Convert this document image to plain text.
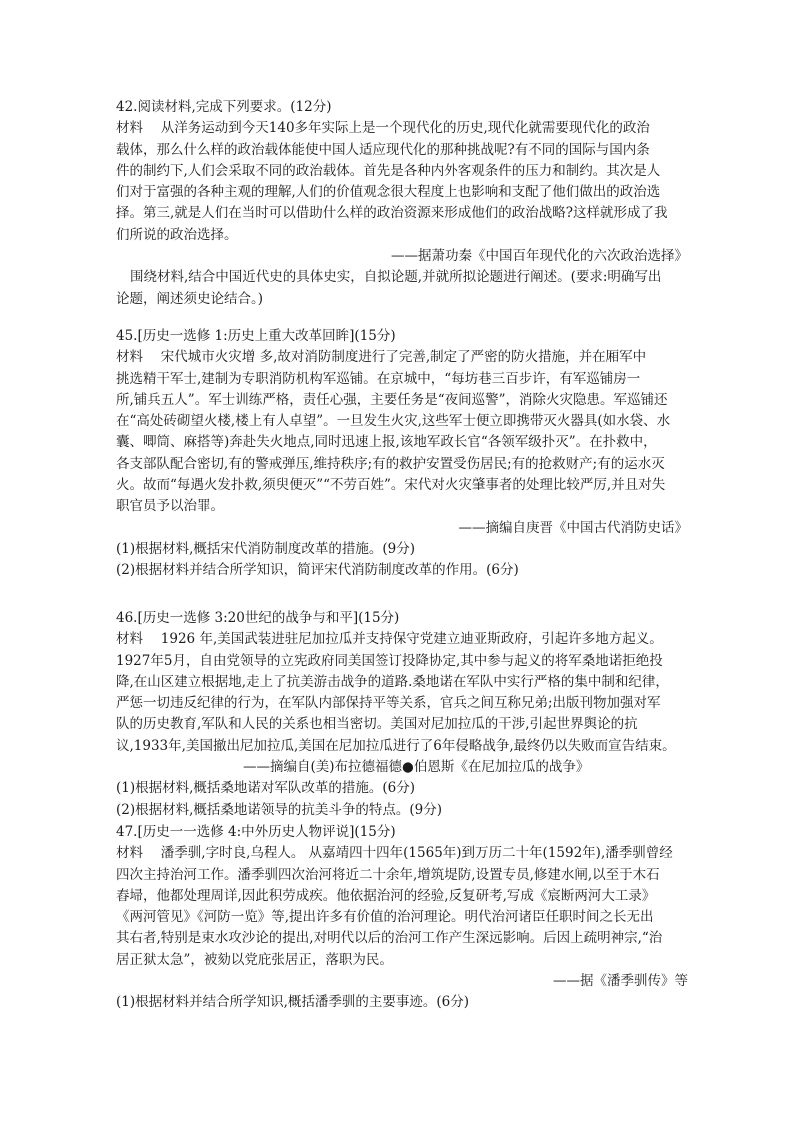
42.阅读材料,完成下列要求。(12分)
材料　 从洋务运动到今天140多年实际上是一个现代化的历史,现代化就需要现代化的政治
载体，那么什么样的政治载体能使中国人适应现代化的那种挑战呢?有不同的国际与国内条
件的制约下,人们会采取不同的政治载体。首先是各种内外客观条件的压力和制约。其次是人
们对于富强的各种主观的理解,人们的价值观念很大程度上也影响和支配了他们做出的政治选
择。第三,就是人们在当时可以借助什么样的政治资源来形成他们的政治战略?这样就形成了我
们所说的政治选择。
——据萧功秦《中国百年现代化的六次政治选择》
围绕材料,结合中国近代史的具体史实，自拟论题,并就所拟论题进行阐述。(要求:明确写出
论题，阐述须史论结合。)
45.[历史一选修 1:历史上重大改革回眸](15分)
材料　 宋代城市火灾增 多,故对消防制度进行了完善,制定了严密的防火措施，并在厢军中
挑选精干军士,建制为专职消防机构军巡铺。在京城中，“每坊巷三百步许，有军巡铺房一
所,铺兵五人”。军士训练严格，责任心强，主要任务是“夜间巡警”，消除火灾隐患。军巡铺还
在“高处砖砌望火楼,楼上有人卓望”。一旦发生火灾,这些军士便立即携带灭火器具(如水袋、水
囊、唧筒、麻搭等)奔赴失火地点,同时迅速上报,该地军政长官“各领军级扑灭”。在扑救中，
各支部队配合密切,有的警戒弹压,维持秩序;有的救护安置受伤居民;有的抢救财产;有的运水灭
火。故而“每遇火发扑救,须臾便灭”“不劳百姓”。宋代对火灾肇事者的处理比较严厉,并且对失
职官员予以治罪。
——摘编自庚晋《中国古代消防史话》
(1)根据材料,概括宋代消防制度改革的措施。(9分)
(2)根据材料并结合所学知识，简评宋代消防制度改革的作用。(6分)
46.[历史一选修 3:20世纪的战争与和平](15分)
材料　 1926 年,美国武装进驻尼加拉瓜并支持保守党建立迪亚斯政府，引起许多地方起义。
1927年5月，自由党领导的立宪政府同美国签订投降协定,其中参与起义的将军桑地诺拒绝投
降,在山区建立根据地,走上了抗美游击战争的道路.桑地诺在军队中实行严格的集中制和纪律，
严惩一切违反纪律的行为，在军队内部保持平等关系，官兵之间互称兄弟;出版刊物加强对军
队的历史教育,军队和人民的关系也相当密切。美国对尼加拉瓜的干涉,引起世界舆论的抗
议,1933年,美国撤出尼加拉瓜,美国在尼加拉瓜进行了6年侵略战争,最终仍以失败而宣告结束。
——摘编自(美)布拉德福德●伯恩斯《在尼加拉瓜的战争》
(1)根据材料,概括桑地诺对军队改革的措施。(6分)
(2)根据材料,概括桑地诺领导的抗美斗争的特点。(9分)
47.[历史一一选修 4:中外历史人物评说](15分)
材料　 潘季驯,字时良,乌程人。 从嘉靖四十四年(1565年)到万历二十年(1592年),潘季驯曾经
四次主持治河工作。潘季驯四次治河将近二十余年,增筑堤防,设置专员,修建水闸,以至于木石
舂埽，他都处理周详,因此积劳成疾。他依据治河的经验,反复研考,写成《宸断两河大工录》
《两河管见》《河防一览》等,提出许多有价值的治河理论。明代治河诸臣任职时间之长无出
其右者,特别是束水攻沙论的提出,对明代以后的治河工作产生深远影响。后因上疏明神宗,“治
居正狱太急”，被劾以党庇张居正，落职为民。
——据《潘季驯传》等
(1)根据材料并结合所学知识,概括潘季驯的主要事迹。(6分)
